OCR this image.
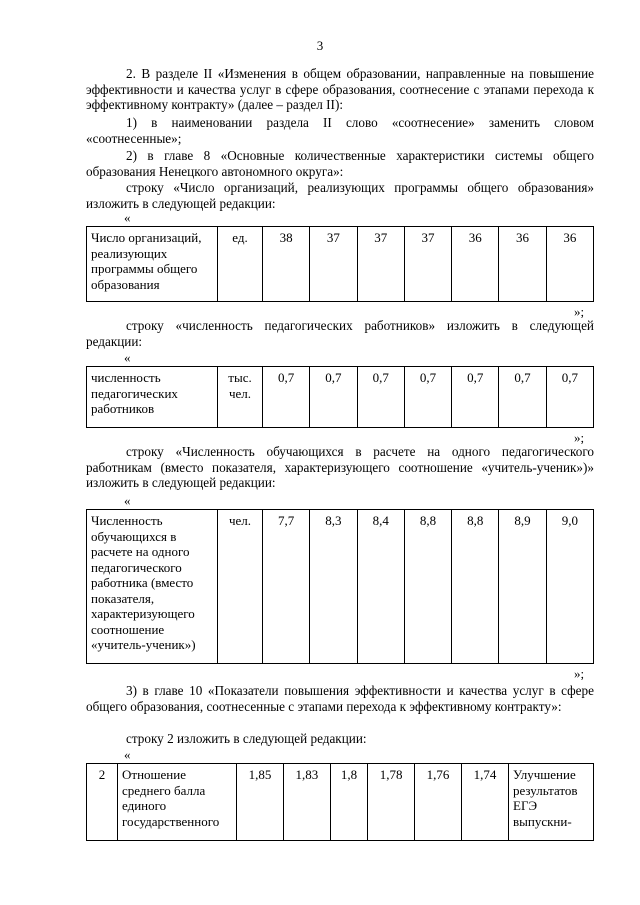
3
2. В разделе II «Изменения в общем образовании, направленные на повышение эффективности и качества услуг в сфере образования, соотнесение с этапами перехода к эффективному контракту» (далее – раздел II):
1) в наименовании раздела II слово «соотнесение» заменить словом «соотнесенные»;
2) в главе 8 «Основные количественные характеристики системы общего образования Ненецкого автономного округа»:
строку «Число организаций, реализующих программы общего образования» изложить в следующей редакции:
«
Число организаций, реализующих программы общего образования	ед.	38	37	37	37	36	36	36
»;
строку «численность педагогических работников» изложить в следующей редакции:
«
численность педагогических работников	тыс. чел.	0,7	0,7	0,7	0,7	0,7	0,7	0,7
»;
строку «Численность обучающихся в расчете на одного педагогического работникам (вместо показателя, характеризующего соотношение «учитель-ученик»)» изложить в следующей редакции:
«
Численность обучающихся в расчете на одного педагогического работника (вместо показателя, характеризующего соотношение «учитель-ученик»)	чел.	7,7	8,3	8,4	8,8	8,8	8,9	9,0
»;
3) в главе 10 «Показатели повышения эффективности и качества услуг в сфере общего образования, соотнесенные с этапами перехода к эффективному контракту»:
строку 2 изложить в следующей редакции:
«
2	Отношение среднего балла единого государственного	1,85	1,83	1,8	1,78	1,76	1,74	Улучшение результатов ЕГЭ выпускни-
